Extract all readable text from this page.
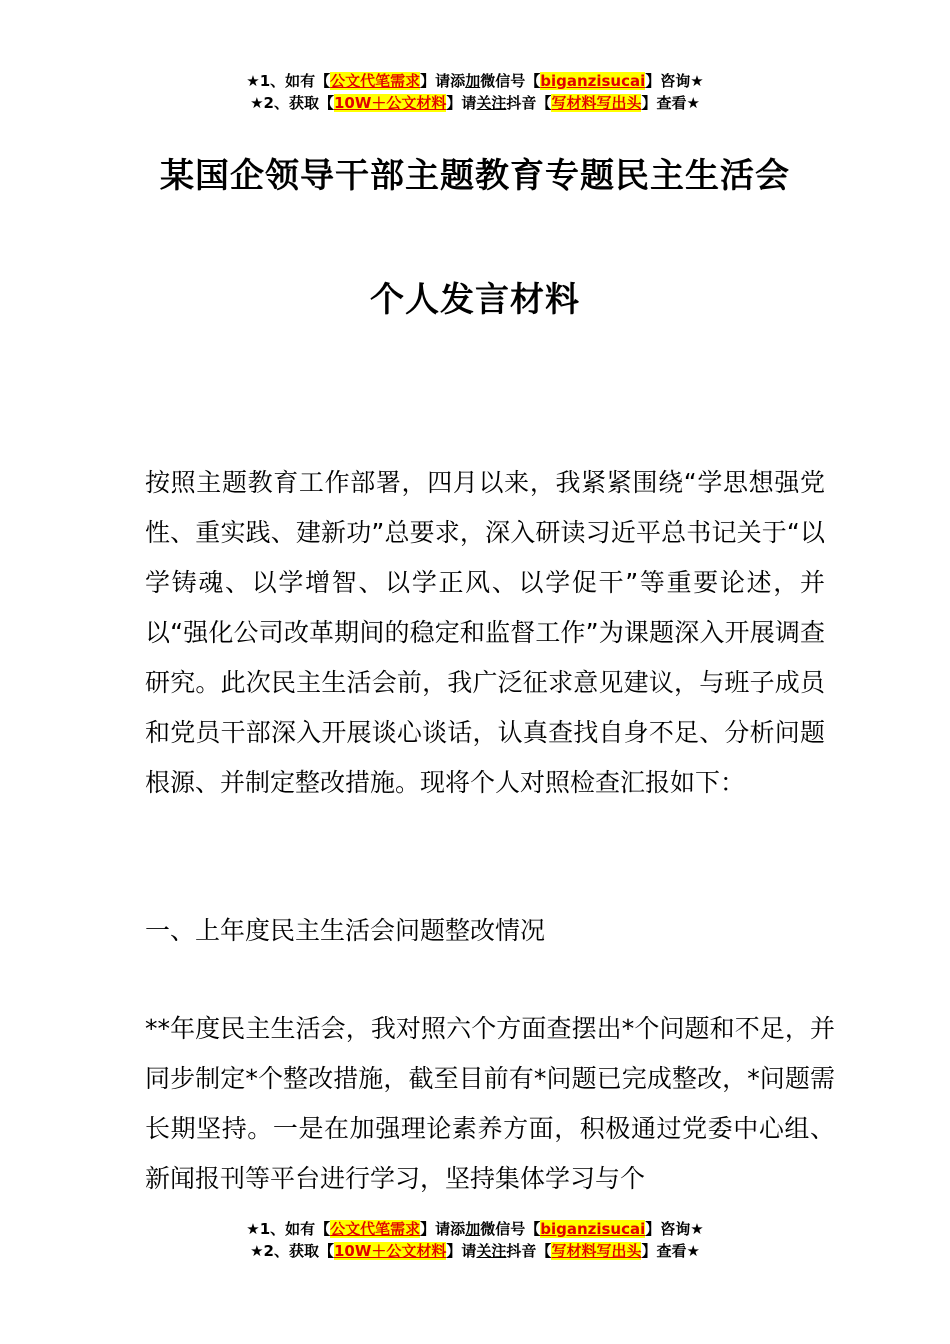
★1、如有【公文代笔需求】请添加微信号【biganzisucai】咨询★
★2、获取【10W＋公文材料】请关注抖音【写材料写出头】查看★
某国企领导干部主题教育专题民主生活会
个人发言材料

按照主题教育工作部署，四月以来，我紧紧围绕“学思想强党性、重实践、建新功”总要求，深入研读习近平总书记关于“以学铸魂、以学增智、以学正风、以学促干”等重要论述，并以“强化公司改革期间的稳定和监督工作”为课题深入开展调查研究。此次民主生活会前，我广泛征求意见建议，与班子成员和党员干部深入开展谈心谈话，认真查找自身不足、分析问题根源、并制定整改措施。现将个人对照检查汇报如下：

一、上年度民主生活会问题整改情况

**年度民主生活会，我对照六个方面查摆出*个问题和不足，并同步制定*个整改措施，截至目前有*问题已完成整改，*问题需长期坚持。一是在加强理论素养方面，积极通过党委中心组、新闻报刊等平台进行学习，坚持集体学习与个

★1、如有【公文代笔需求】请添加微信号【biganzisucai】咨询★
★2、获取【10W＋公文材料】请关注抖音【写材料写出头】查看★
